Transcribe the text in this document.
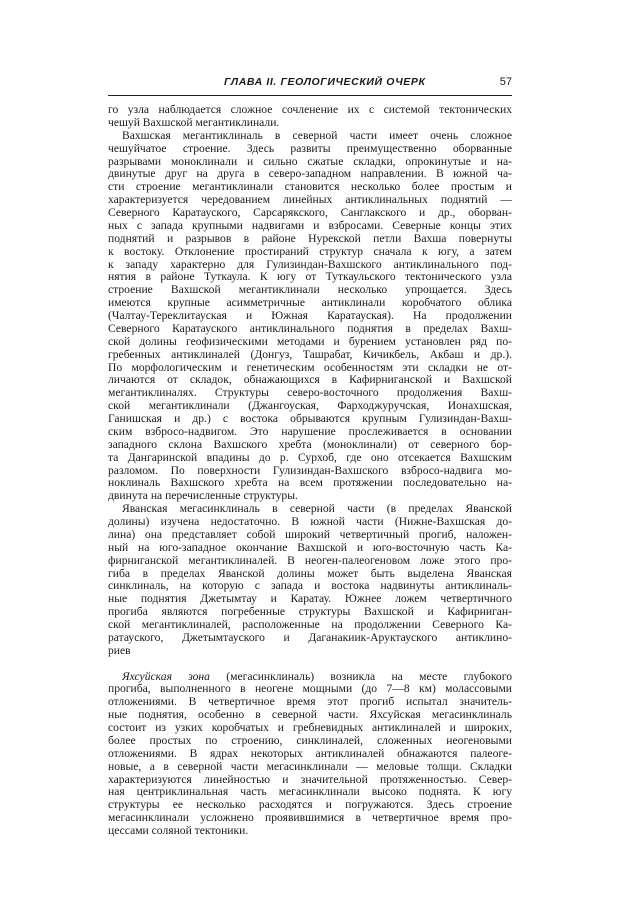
ГЛАВА II. ГЕОЛОГИЧЕСКИЙ ОЧЕРК	57
го узла наблюдается сложное сочленение их с системой тектонических
чешуй Вахшской мегантиклинали.
Вахшская мегантиклиналь в северной части имеет очень сложное
чешуйчатое строение. Здесь развиты преимущественно оборванные
разрывами моноклинали и сильно сжатые складки, опрокинутые и на-
двинутые друг на друга в северо-западном направлении. В южной ча-
сти строение мегантиклинали становится несколько более простым и
характеризуется чередованием линейных антиклинальных поднятий —
Северного Каратауского, Сарсарякского, Санглакского и др., оборван-
ных с запада крупными надвигами и взбросами. Северные концы этих
поднятий и разрывов в районе Нурекской петли Вахша повернуты
к востоку. Отклонение простираний структур сначала к югу, а затем
к западу характерно для Гулизиндан-Вахшского антиклинального под-
нятия в районе Туткаула. К югу от Туткаульского тектонического узла
строение Вахшской мегантиклинали несколько упрощается. Здесь
имеются крупные асимметричные антиклинали коробчатого облика
(Чалтау-Тереклитауская и Южная Каратауская). На продолжении
Северного Каратауского антиклинального поднятия в пределах Вахш-
ской долины геофизическими методами и бурением установлен ряд по-
гребенных антиклиналей (Донгуз, Ташрабат, Кичикбель, Акбаш и др.).
По морфологическим и генетическим особенностям эти складки не от-
личаются от складок, обнажающихся в Кафирниганской и Вахшской
мегантиклиналях. Структуры северо-восточного продолжения Вахш-
ской мегантиклинали (Джангоуская, Фарходжуручская, Ионахшская,
Ганишская и др.) с востока обрываются крупным Гулизиндан-Вахш-
ским взбросо-надвигом. Это нарушение прослеживается в основании
западного склона Вахшского хребта (моноклинали) от северного бор-
та Дангаринской впадины до р. Сурхоб, где оно отсекается Вахшским
разломом. По поверхности Гулизиндан-Вахшского взбросо-надвига мо-
ноклиналь Вахшского хребта на всем протяжении последовательно на-
двинута на перечисленные структуры.
Яванская мегасинклиналь в северной части (в пределах Яванской
долины) изучена недостаточно. В южной части (Нижне-Вахшская до-
лина) она представляет собой широкий четвертичный прогиб, наложен-
ный на юго-западное окончание Вахшской и юго-восточную часть Ка-
фирниганской мегантиклиналей. В неоген-палеогеновом ложе этого про-
гиба в пределах Яванской долины может быть выделена Яванская
синклиналь, на которую с запада и востока надвинуты антиклиналь-
ные поднятия Джетымтау и Каратау. Южнее ложем четвертичного
прогиба являются погребенные структуры Вахшской и Кафирниган-
ской мегантиклиналей, расположенные на продолжении Северного Ка-
ратауского, Джетымтауского и Даганакиик-Аруктауского антиклино-
риев
Яхсуйская зона (мегасинклиналь) возникла на месте глубокого
прогиба, выполненного в неогене мощными (до 7—8 км) молассовыми
отложениями. В четвертичное время этот прогиб испытал значитель-
ные поднятия, особенно в северной части. Яхсуйская мегасинклиналь
состоит из узких коробчатых и гребневидных антиклиналей и широких,
более простых по строению, синклиналей, сложенных неогеновыми
отложениями. В ядрах некоторых антиклиналей обнажаются палеоге-
новые, а в северной части мегасинклинали — меловые толщи. Складки
характеризуются линейностью и значительной протяженностью. Север-
ная центриклинальная часть мегасинклинали высоко поднята. К югу
структуры ее несколько расходятся и погружаются. Здесь строение
мегасинклинали усложнено проявившимися в четвертичное время про-
цессами соляной тектоники.
